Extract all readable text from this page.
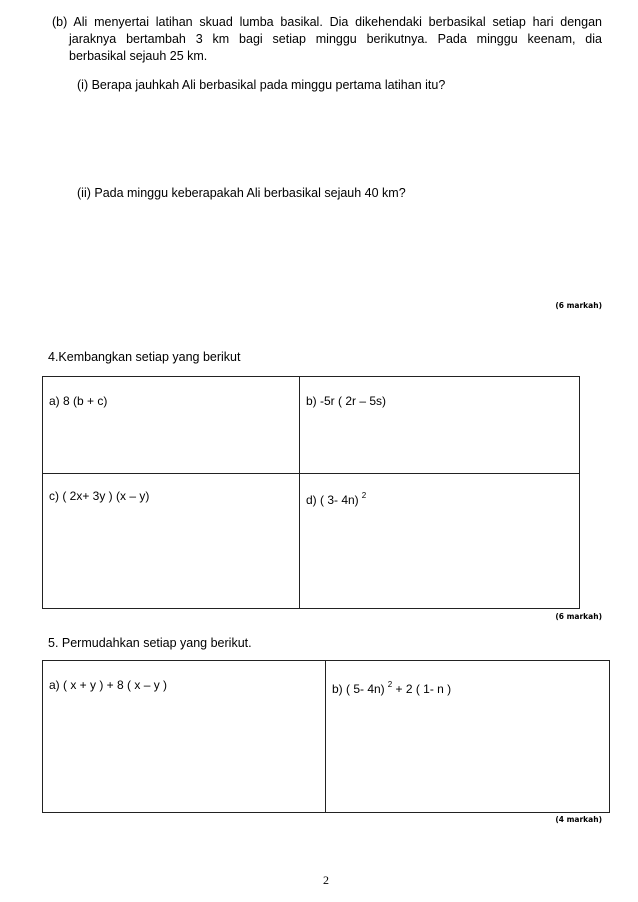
(b) Ali menyertai latihan skuad lumba basikal. Dia dikehendaki berbasikal setiap hari dengan
jaraknya bertambah 3 km bagi setiap minggu berikutnya. Pada minggu keenam, dia
berbasikal sejauh 25 km.
(i) Berapa jauhkah Ali berbasikal pada minggu pertama latihan itu?
(ii) Pada minggu keberapakah Ali berbasikal sejauh 40 km?
(6 markah)
4.Kembangkan setiap yang berikut
a) 8 (b + c)	b) -5r ( 2r – 5s)
c) ( 2x+ 3y ) (x – y)	d) ( 3- 4n) $^2$
(6 markah)
5. Permudahkan setiap yang berikut.
a) ( x + y ) + 8 ( x – y )	b) ( 5- 4n) $^2$ + 2 ( 1- n )
(4 markah)
2
